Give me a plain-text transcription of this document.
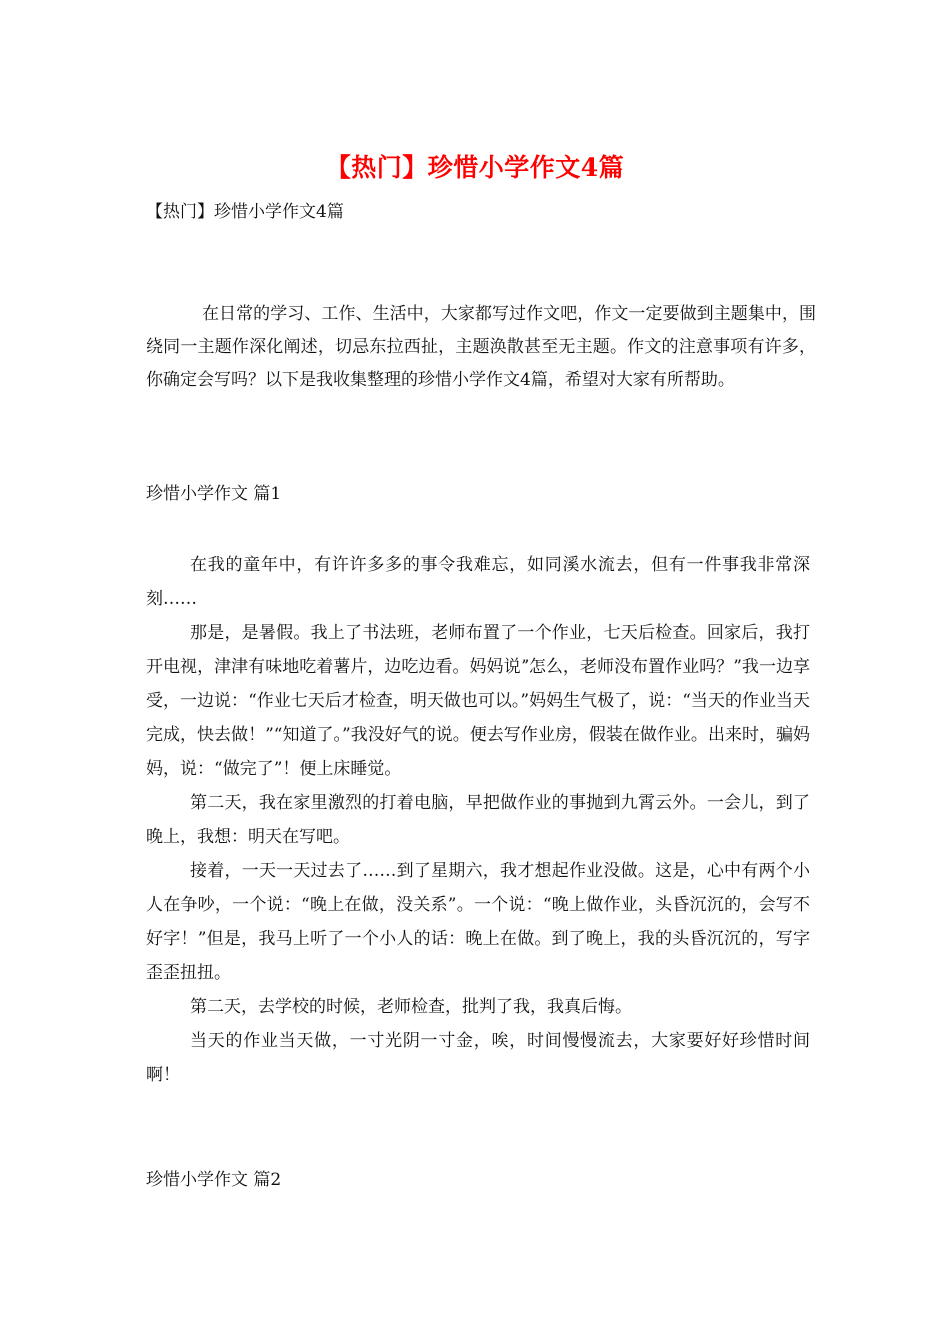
【热门】珍惜小学作文4篇
【热门】珍惜小学作文4篇

在日常的学习、工作、生活中，大家都写过作文吧，作文一定要做到主题集中，围绕同一主题作深化阐述，切忌东拉西扯，主题涣散甚至无主题。作文的注意事项有许多，你确定会写吗？以下是我收集整理的珍惜小学作文4篇，希望对大家有所帮助。

珍惜小学作文 篇1

在我的童年中，有许许多多的事令我难忘，如同溪水流去，但有一件事我非常深刻……

那是，是暑假。我上了书法班，老师布置了一个作业，七天后检查。回家后，我打开电视，津津有味地吃着薯片，边吃边看。妈妈说ˮ怎么，老师没布置作业吗？”我一边享受，一边说：“作业七天后才检查，明天做也可以。”妈妈生气极了，说：“当天的作业当天完成，快去做！”“知道了。”我没好气的说。便去写作业房，假装在做作业。出来时，骗妈妈，说：“做完了”！便上床睡觉。

第二天，我在家里激烈的打着电脑，早把做作业的事抛到九霄云外。一会儿，到了晚上，我想：明天在写吧。

接着，一天一天过去了……到了星期六，我才想起作业没做。这是，心中有两个小人在争吵，一个说：“晚上在做，没关系”。一个说：“晚上做作业，头昏沉沉的，会写不好字！”但是，我马上听了一个小人的话：晚上在做。到了晚上，我的头昏沉沉的，写字歪歪扭扭。

第二天，去学校的时候，老师检查，批判了我，我真后悔。

当天的作业当天做，一寸光阴一寸金，唉，时间慢慢流去，大家要好好珍惜时间啊！

珍惜小学作文 篇2
